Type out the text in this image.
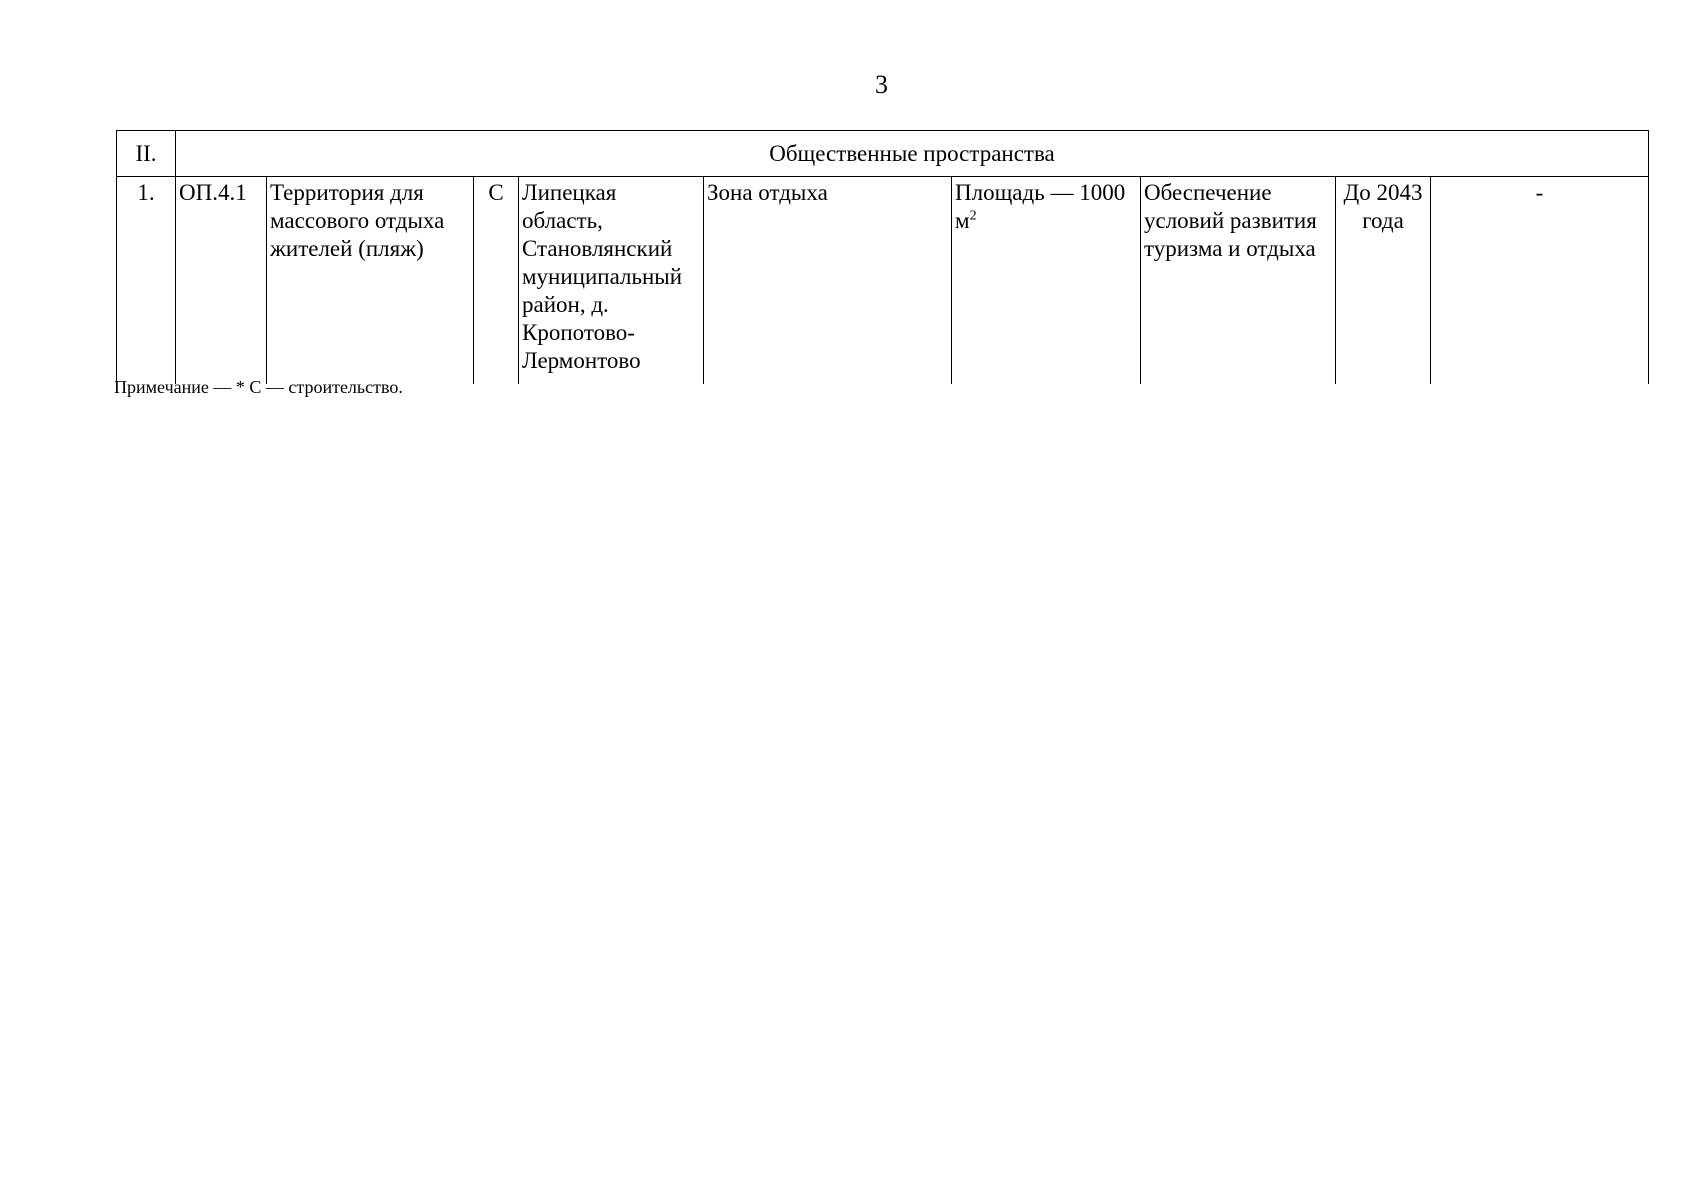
3
II.	Общественные пространства								
1.	ОП.4.1	Территория для массового отдыха жителей (пляж)	С	Липецкая область, Становлянский муниципальный район, д. Кропотово-Лермонтово	Зона отдыха	Площадь — 1000 $м^2$	Обеспечение условий развития туризма и отдыха	До 2043 года	-
Примечание — * С — строительство.
